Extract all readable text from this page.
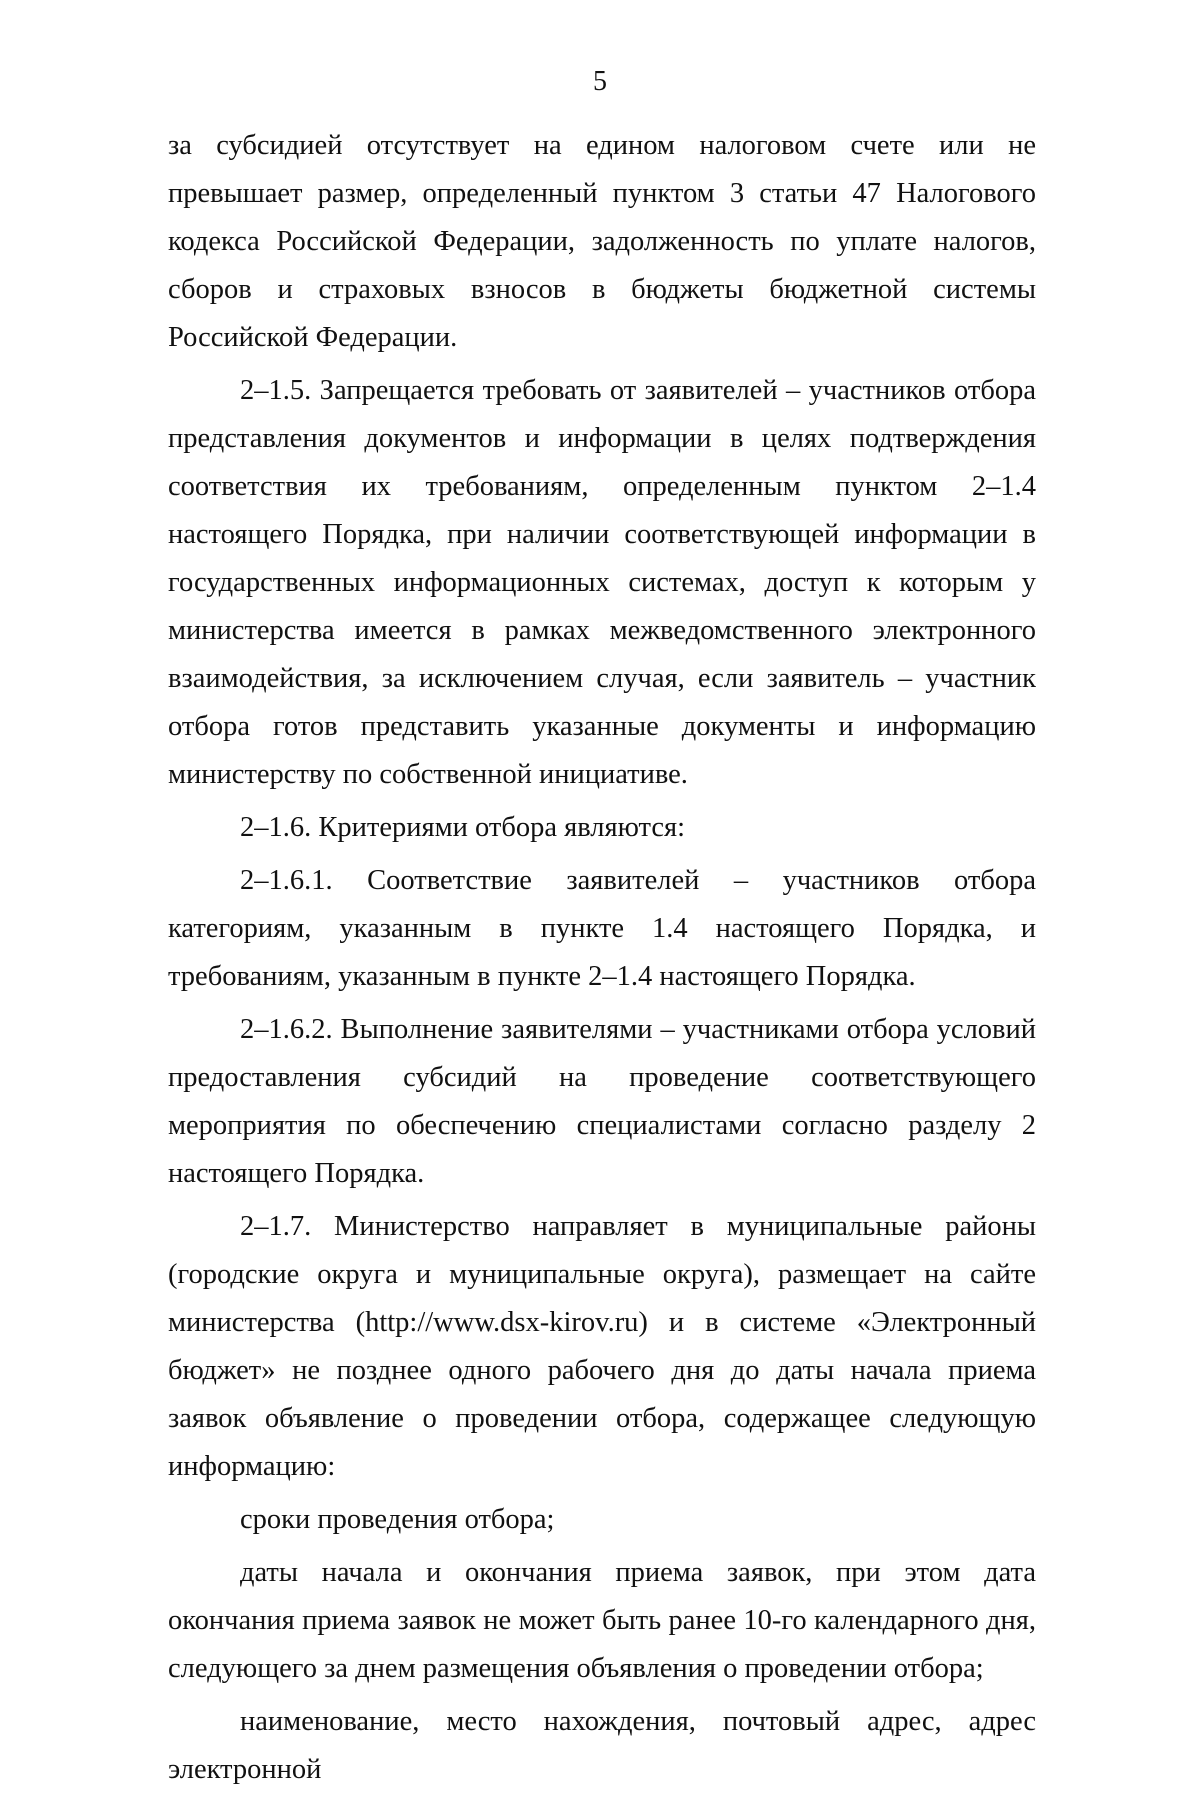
5

за субсидией отсутствует на едином налоговом счете или не превышает размер, определенный пунктом 3 статьи 47 Налогового кодекса Российской Федерации, задолженность по уплате налогов, сборов и страховых взносов в бюджеты бюджетной системы Российской Федерации.

2–1.5. Запрещается требовать от заявителей – участников отбора представления документов и информации в целях подтверждения соответствия их требованиям, определенным пунктом 2–1.4 настоящего Порядка, при наличии соответствующей информации в государственных информационных системах, доступ к которым у министерства имеется в рамках межведомственного электронного взаимодействия, за исключением случая, если заявитель – участник отбора готов представить указанные документы и информацию министерству по собственной инициативе.

2–1.6. Критериями отбора являются:

2–1.6.1. Соответствие заявителей – участников отбора категориям, указанным в пункте 1.4 настоящего Порядка, и требованиям, указанным в пункте 2–1.4 настоящего Порядка.

2–1.6.2. Выполнение заявителями – участниками отбора условий предоставления субсидий на проведение соответствующего мероприятия по обеспечению специалистами согласно разделу 2 настоящего Порядка.

2–1.7. Министерство направляет в муниципальные районы (городские округа и муниципальные округа), размещает на сайте министерства (http://www.dsx-kirov.ru) и в системе «Электронный бюджет» не позднее одного рабочего дня до даты начала приема заявок объявление о проведении отбора, содержащее следующую информацию:

сроки проведения отбора;

даты начала и окончания приема заявок, при этом дата окончания приема заявок не может быть ранее 10-го календарного дня, следующего за днем размещения объявления о проведении отбора;

наименование, место нахождения, почтовый адрес, адрес электронной
